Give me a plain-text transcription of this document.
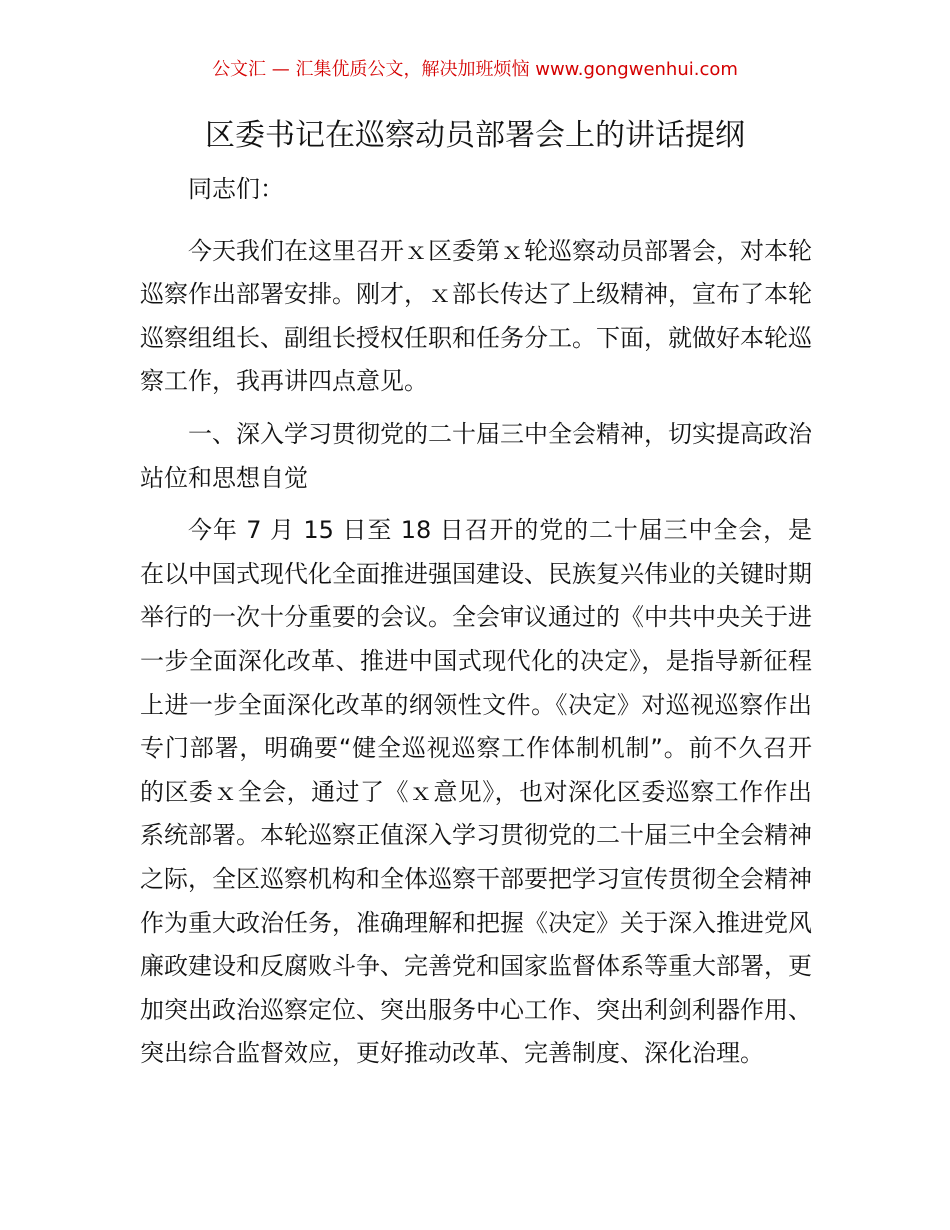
公文汇 — 汇集优质公文，解决加班烦恼 www.gongwenhui.com
区委书记在巡察动员部署会上的讲话提纲

同志们：

今天我们在这里召开ｘ区委第ｘ轮巡察动员部署会，对本轮巡察作出部署安排。刚才，ｘ部长传达了上级精神，宣布了本轮巡察组组长、副组长授权任职和任务分工。下面，就做好本轮巡察工作，我再讲四点意见。

一、深入学习贯彻党的二十届三中全会精神，切实提高政治站位和思想自觉

今年 7 月 15 日至 18 日召开的党的二十届三中全会，是在以中国式现代化全面推进强国建设、民族复兴伟业的关键时期举行的一次十分重要的会议。全会审议通过的《中共中央关于进一步全面深化改革、推进中国式现代化的决定》，是指导新征程上进一步全面深化改革的纲领性文件。《决定》对巡视巡察作出专门部署，明确要“健全巡视巡察工作体制机制”。前不久召开的区委ｘ全会，通过了《ｘ意见》，也对深化区委巡察工作作出系统部署。本轮巡察正值深入学习贯彻党的二十届三中全会精神之际，全区巡察机构和全体巡察干部要把学习宣传贯彻全会精神作为重大政治任务，准确理解和把握《决定》关于深入推进党风廉政建设和反腐败斗争、完善党和国家监督体系等重大部署，更加突出政治巡察定位、突出服务中心工作、突出利剑利器作用、突出综合监督效应，更好推动改革、完善制度、深化治理。
